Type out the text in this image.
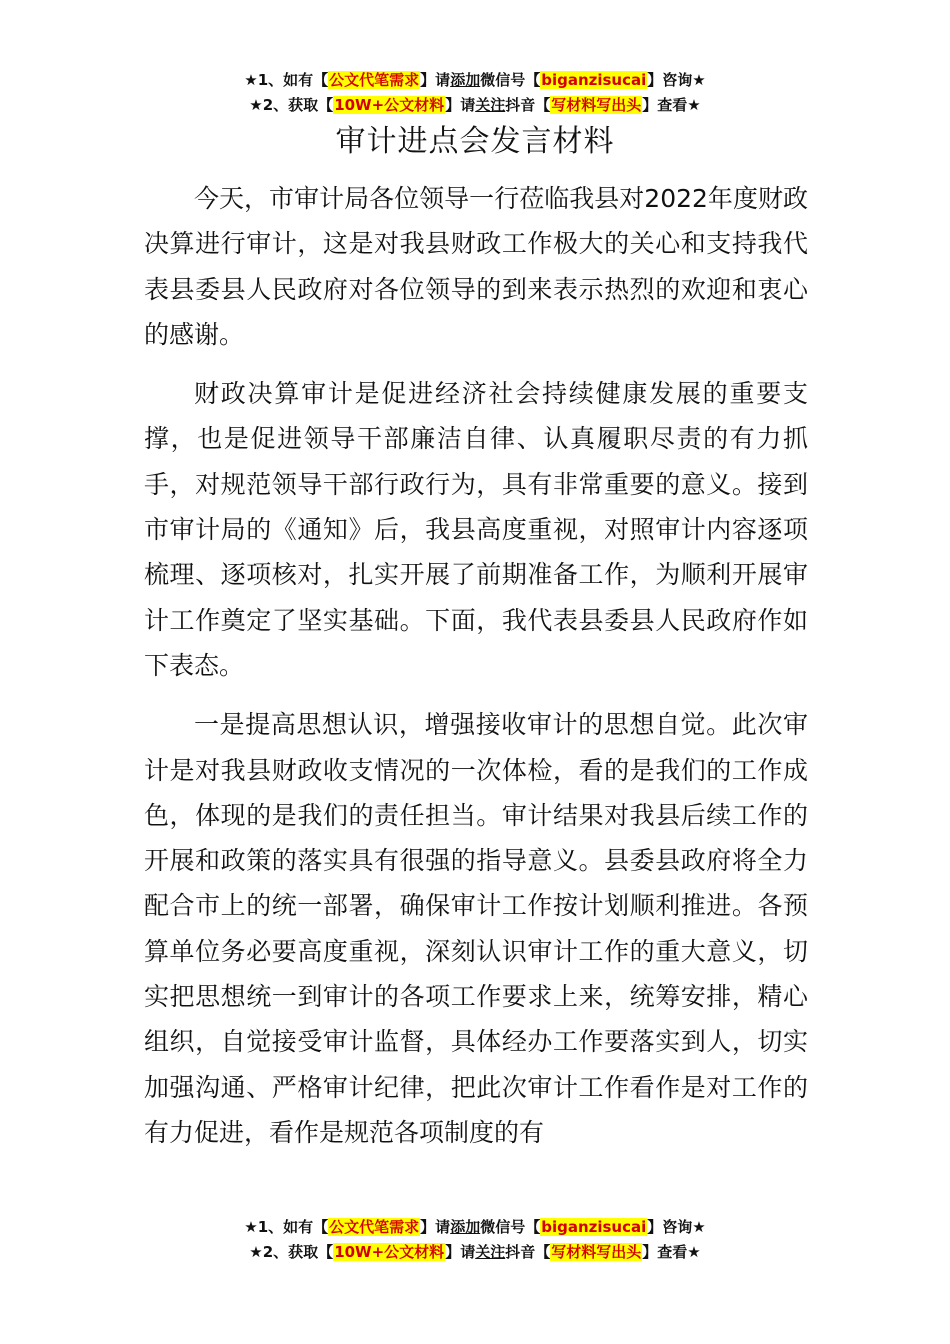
★1、如有【公文代笔需求】请添加微信号【biganzisucai】咨询★
★2、获取【10W+公文材料】请关注抖音【写材料写出头】查看★
审计进点会发言材料

今天，市审计局各位领导一行莅临我县对2022年度财政决算进行审计，这是对我县财政工作极大的关心和支持我代表县委县人民政府对各位领导的到来表示热烈的欢迎和衷心的感谢。

财政决算审计是促进经济社会持续健康发展的重要支撑，也是促进领导干部廉洁自律、认真履职尽责的有力抓手，对规范领导干部行政行为，具有非常重要的意义。接到市审计局的《通知》后，我县高度重视，对照审计内容逐项梳理、逐项核对，扎实开展了前期准备工作，为顺利开展审计工作奠定了坚实基础。下面，我代表县委县人民政府作如下表态。

一是提高思想认识，增强接收审计的思想自觉。此次审计是对我县财政收支情况的一次体检，看的是我们的工作成色，体现的是我们的责任担当。审计结果对我县后续工作的开展和政策的落实具有很强的指导意义。县委县政府将全力配合市上的统一部署，确保审计工作按计划顺利推进。各预算单位务必要高度重视，深刻认识审计工作的重大意义，切实把思想统一到审计的各项工作要求上来，统筹安排，精心组织，自觉接受审计监督，具体经办工作要落实到人，切实加强沟通、严格审计纪律，把此次审计工作看作是对工作的有力促进，看作是规范各项制度的有

★1、如有【公文代笔需求】请添加微信号【biganzisucai】咨询★
★2、获取【10W+公文材料】请关注抖音【写材料写出头】查看★
